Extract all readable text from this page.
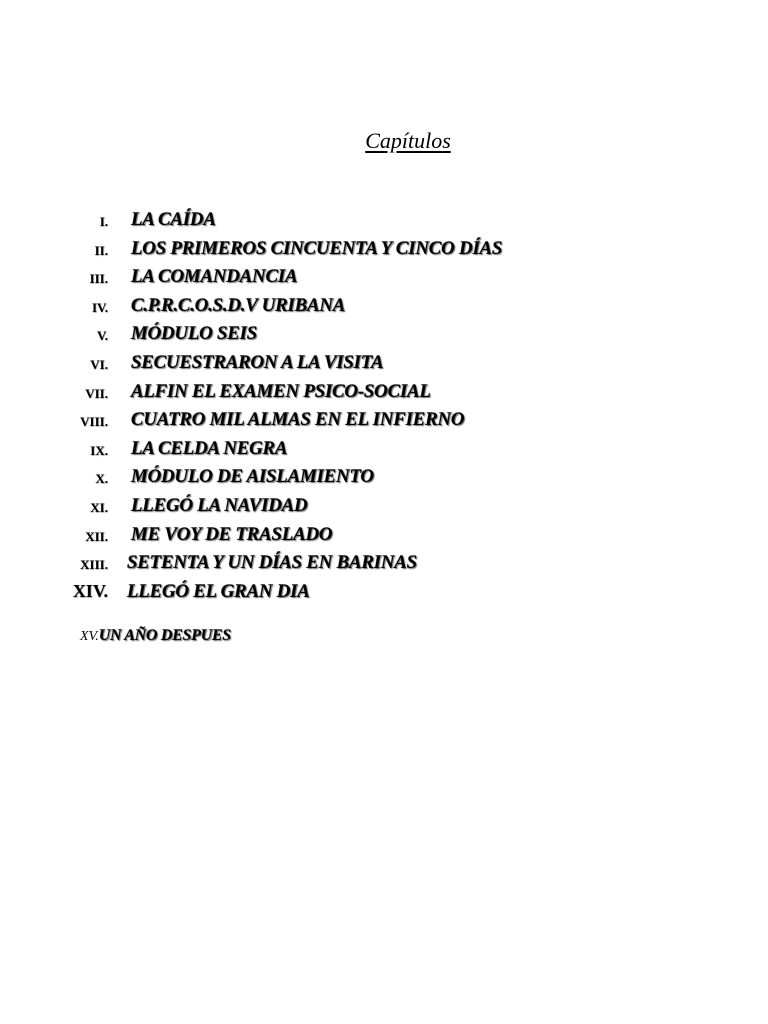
Capítulos
I. LA CAÍDA
II. LOS PRIMEROS CINCUENTA Y CINCO DÍAS
III. LA COMANDANCIA
IV. C.P.R.C.O.S.D.V URIBANA
V. MÓDULO SEIS
VI. SECUESTRARON A LA VISITA
VII. ALFIN EL EXAMEN PSICO-SOCIAL
VIII. CUATRO MIL ALMAS EN EL INFIERNO
IX. LA CELDA NEGRA
X. MÓDULO DE AISLAMIENTO
XI. LLEGÓ LA NAVIDAD
XII. ME VOY DE TRASLADO
XIII. SETENTA Y UN DÍAS EN BARINAS
XIV. LLEGÓ EL GRAN DIA
XV.UN AÑO DESPUES
